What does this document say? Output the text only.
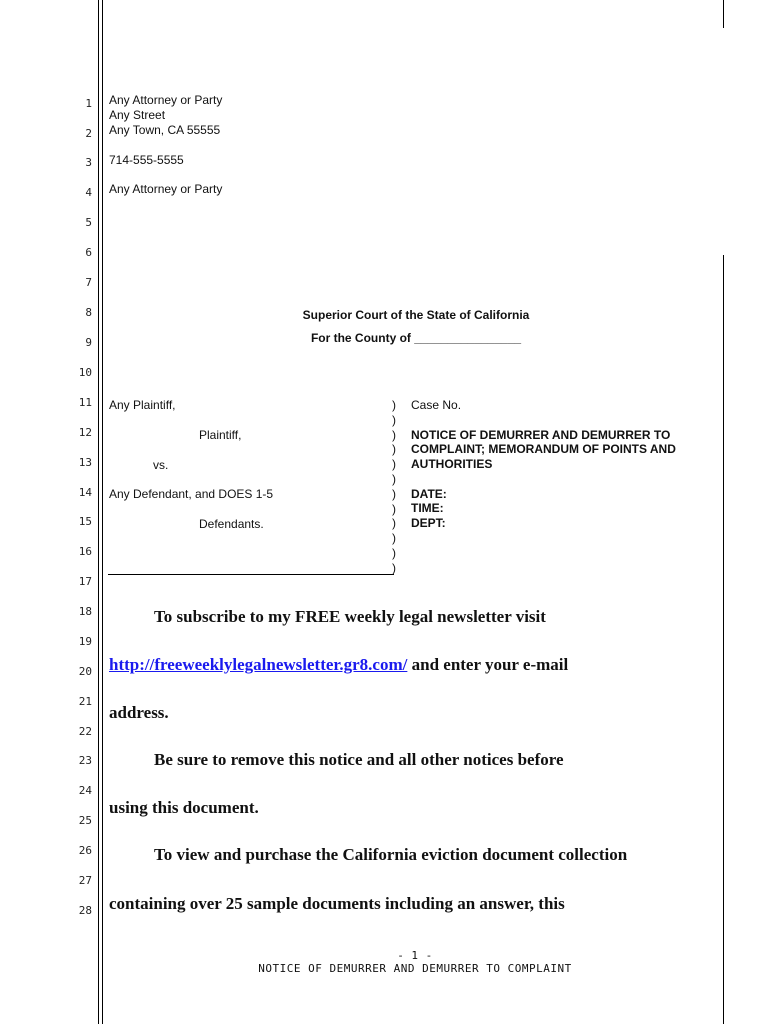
1
2
3
4
5
6
7
8
9
10
11
12
13
14
15
16
17
18
19
20
21
22
23
24
25
26
27
28
Any Attorney or Party
Any Street
Any Town, CA 55555
714-555-5555
Any Attorney or Party
Superior Court of the State of California
For the County of ________________
Any Plaintiff,
Plaintiff,
vs.
Any Defendant, and DOES 1-5
Defendants.
)
)
)
)
)
)
)
)
)
)
)
)
Case No.
NOTICE OF DEMURRER AND DEMURRER TO
COMPLAINT; MEMORANDUM OF POINTS AND
AUTHORITIES
DATE:
TIME:
DEPT:
To subscribe to my FREE weekly legal newsletter visit
http://freeweeklylegalnewsletter.gr8.com/ and enter your e-mail
address.
Be sure to remove this notice and all other notices before
using this document.
To view and purchase the California eviction document collection
containing over 25 sample documents including an answer, this
- 1 -
NOTICE OF DEMURRER AND DEMURRER TO COMPLAINT
